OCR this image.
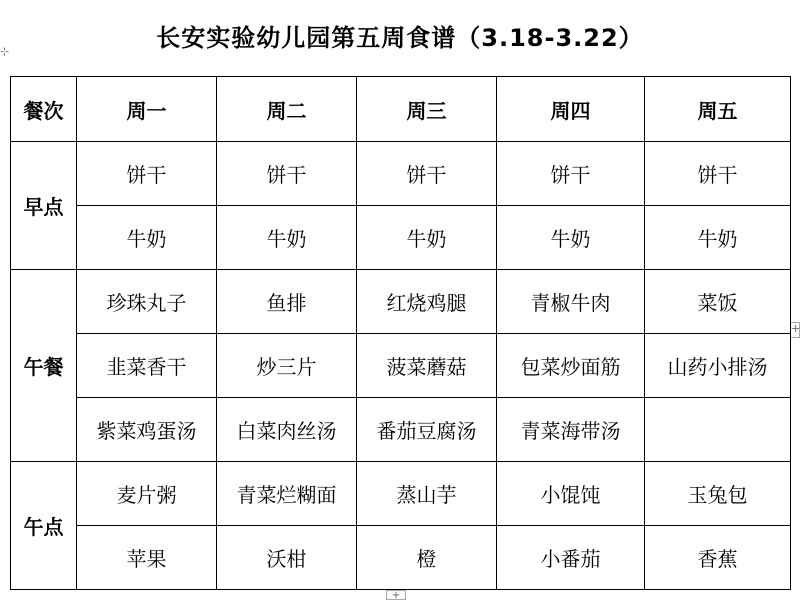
长安实验幼儿园第五周食谱（3.18-3.22）
⊹
+
+
餐次	周一	周二	周三	周四	周五
早点	饼干	饼干	饼干	饼干	饼干
	牛奶	牛奶	牛奶	牛奶	牛奶
午餐	珍珠丸子	鱼排	红烧鸡腿	青椒牛肉	菜饭
	韭菜香干	炒三片	菠菜蘑菇	包菜炒面筋	山药小排汤
	紫菜鸡蛋汤	白菜肉丝汤	番茄豆腐汤	青菜海带汤	
午点	麦片粥	青菜烂糊面	蒸山芋	小馄饨	玉兔包
	苹果	沃柑	橙	小番茄	香蕉
